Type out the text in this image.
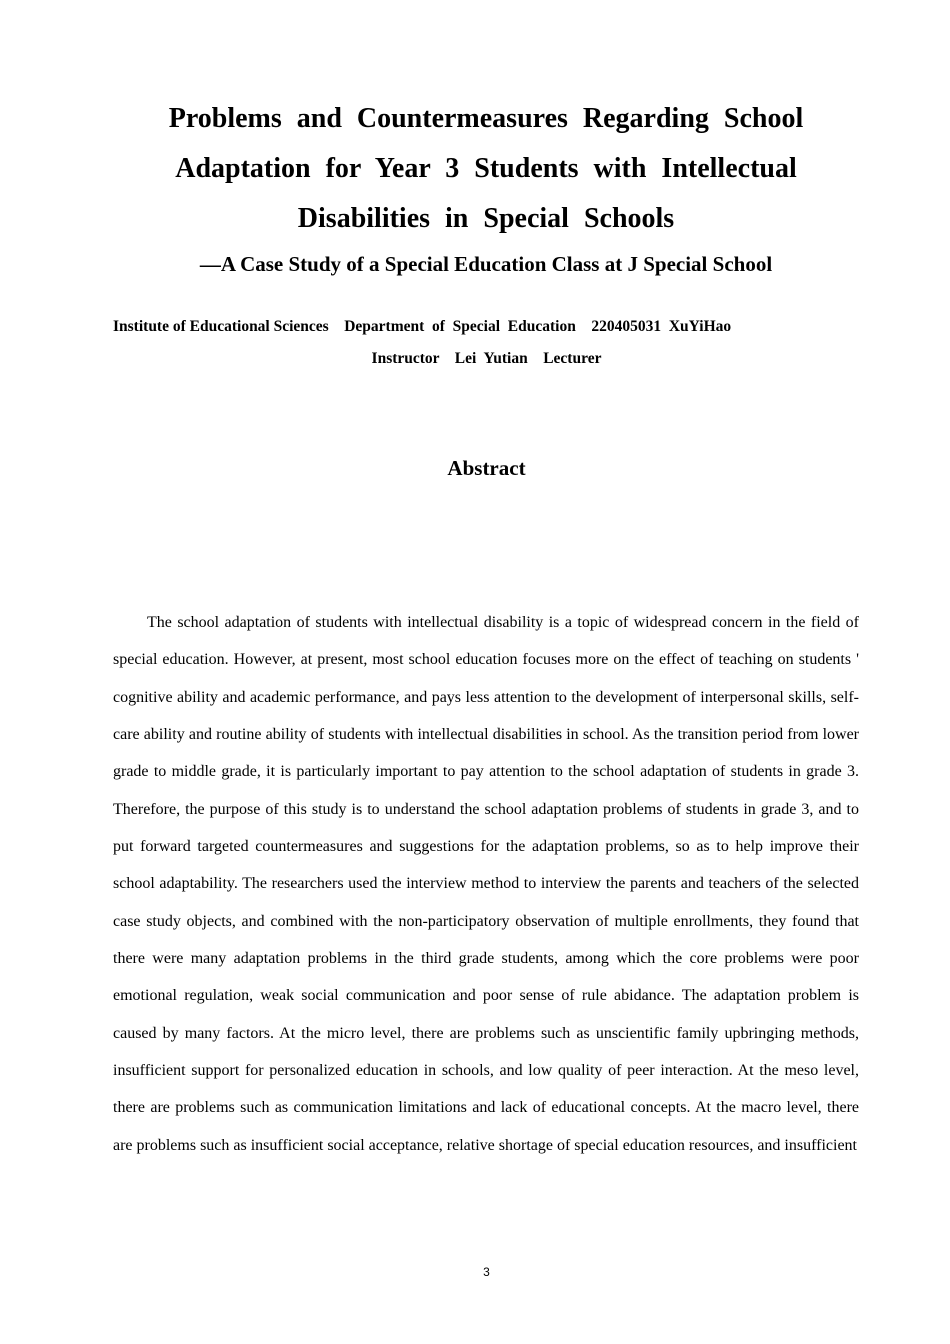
Problems and Countermeasures Regarding School Adaptation for Year 3 Students with Intellectual Disabilities in Special Schools
—A Case Study of a Special Education Class at J Special School

Institute of Educational Sciences    Department  of  Special  Education    220405031  XuYiHao

Instructor    Lei  Yutian    Lecturer

Abstract

The school adaptation of students with intellectual disability is a topic of widespread concern in the field of special education. However, at present, most school education focuses more on the effect of teaching on students ' cognitive ability and academic performance, and pays less attention to the development of interpersonal skills, self-care ability and routine ability of students with intellectual disabilities in school. As the transition period from lower grade to middle grade, it is particularly important to pay attention to the school adaptation of students in grade 3. Therefore, the purpose of this study is to understand the school adaptation problems of students in grade 3, and to put forward targeted countermeasures and suggestions for the adaptation problems, so as to help improve their school adaptability. The researchers used the interview method to interview the parents and teachers of the selected case study objects, and combined with the non-participatory observation of multiple enrollments, they found that there were many adaptation problems in the third grade students, among which the core problems were poor emotional regulation, weak social communication and poor sense of rule abidance. The adaptation problem is caused by many factors. At the micro level, there are problems such as unscientific family upbringing methods, insufficient support for personalized education in schools, and low quality of peer interaction. At the meso level, there are problems such as communication limitations and lack of educational concepts. At the macro level, there are problems such as insufficient social acceptance, relative shortage of special education resources, and insufficient

3
